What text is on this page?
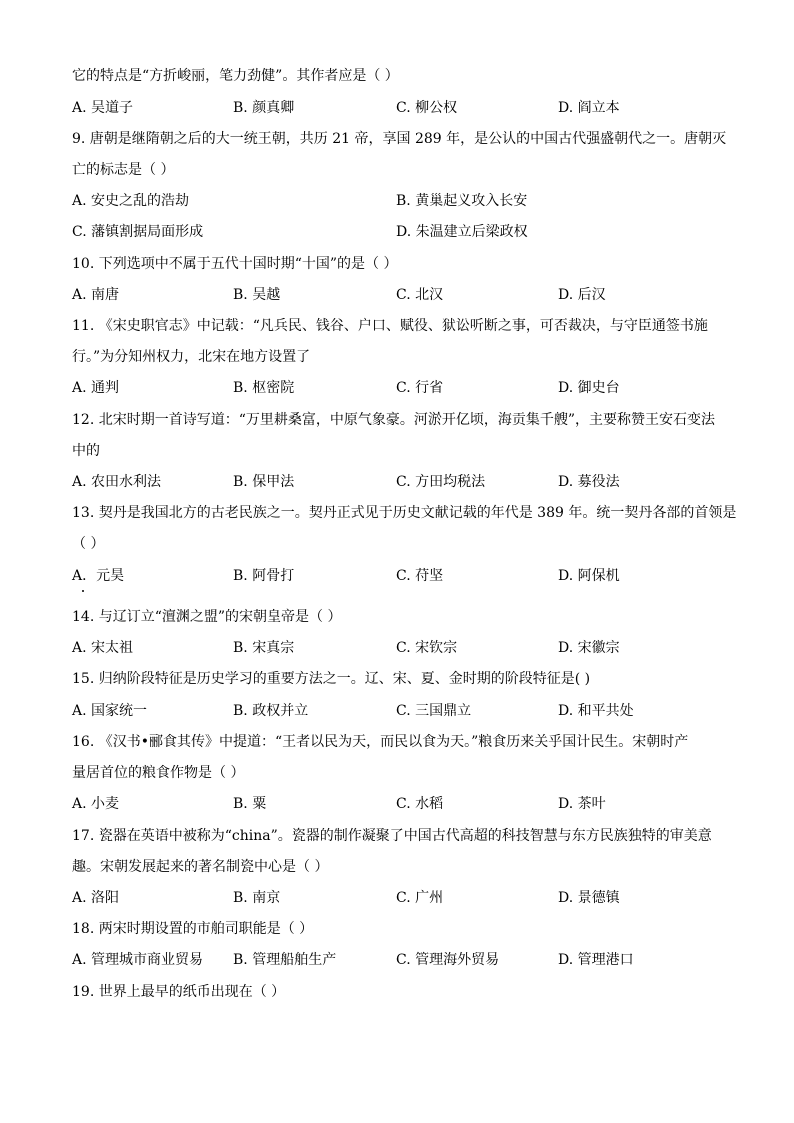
它的特点是“方折峻丽，笔力劲健”。其作者应是（ ）
A. 吴道子	B. 颜真卿	C. 柳公权	D. 阎立本
9. 唐朝是继隋朝之后的大一统王朝，共历 21 帝，享国 289 年，是公认的中国古代强盛朝代之一。唐朝灭
亡的标志是（ ）
A. 安史之乱的浩劫	B. 黄巢起义攻入长安
C. 藩镇割据局面形成	D. 朱温建立后梁政权
10. 下列选项中不属于五代十国时期“十国”的是（ ）
A. 南唐	B. 吴越	C. 北汉	D. 后汉
11. 《宋史职官志》中记载：“凡兵民、钱谷、户口、赋役、狱讼听断之事，可否裁决，与守臣通签书施
行。”为分知州权力，北宋在地方设置了
A. 通判	B. 枢密院	C. 行省	D. 御史台
12. 北宋时期一首诗写道：“万里耕桑富，中原气象豪。河淤开亿顷，海贡集千艘”，主要称赞王安石变法
中的
A. 农田水利法	B. 保甲法	C. 方田均税法	D. 募役法
13. 契丹是我国北方的古老民族之一。契丹正式见于历史文献记载的年代是 389 年。统一契丹各部的首领是
（ ）
A．元昊	B. 阿骨打	C. 苻坚	D. 阿保机
14. 与辽订立“澶渊之盟”的宋朝皇帝是（ ）
A. 宋太祖	B. 宋真宗	C. 宋钦宗	D. 宋徽宗
15. 归纳阶段特征是历史学习的重要方法之一。辽、宋、夏、金时期的阶段特征是( )
A. 国家统一	B. 政权并立	C. 三国鼎立	D. 和平共处
16. 《汉书•郦食其传》中提道：“王者以民为天，而民以食为天。”粮食历来关乎国计民生。宋朝时产
量居首位的粮食作物是（ ）
A. 小麦	B. 粟	C. 水稻	D. 茶叶
17. 瓷器在英语中被称为“china”。瓷器的制作凝聚了中国古代高超的科技智慧与东方民族独特的审美意
趣。宋朝发展起来的著名制瓷中心是（ ）
A. 洛阳	B. 南京	C. 广州	D. 景德镇
18. 两宋时期设置的市舶司职能是（ ）
A. 管理城市商业贸易 B. 管理船舶生产	C. 管理海外贸易	D. 管理港口
19. 世界上最早的纸币出现在（ ）
